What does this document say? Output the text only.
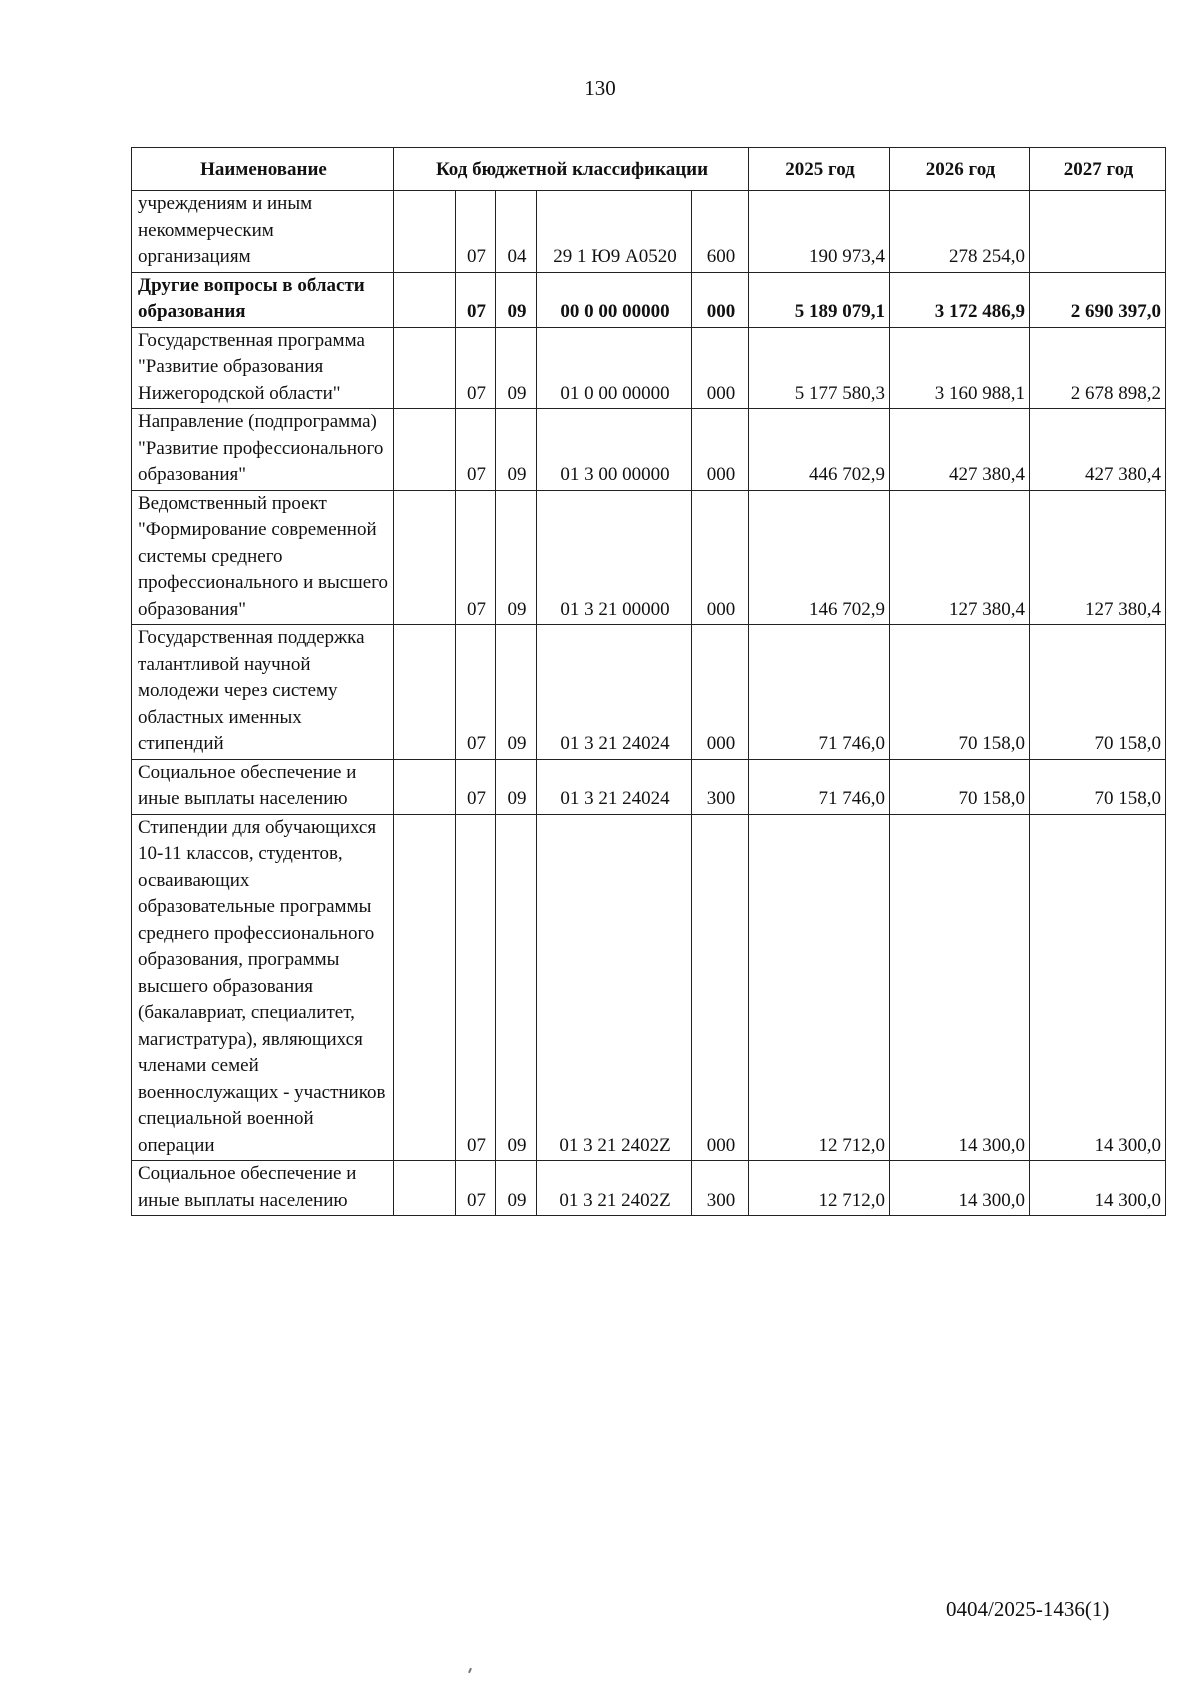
130
Наименование	Код бюджетной классификации					2025 год	2026 год	2027 год
учреждениям и иным некоммерческим организациям		07	04	29 1 Ю9 А0520	600	190 973,4	278 254,0	
Другие вопросы в области образования		07	09	00 0 00 00000	000	5 189 079,1	3 172 486,9	2 690 397,0
Государственная программа "Развитие образования Нижегородской области"		07	09	01 0 00 00000	000	5 177 580,3	3 160 988,1	2 678 898,2
Направление (подпрограмма) "Развитие профессионального образования"		07	09	01 3 00 00000	000	446 702,9	427 380,4	427 380,4
Ведомственный проект "Формирование современной системы среднего профессионального и высшего образования"		07	09	01 3 21 00000	000	146 702,9	127 380,4	127 380,4
Государственная поддержка талантливой научной молодежи через систему областных именных стипендий		07	09	01 3 21 24024	000	71 746,0	70 158,0	70 158,0
Социальное обеспечение и иные выплаты населению		07	09	01 3 21 24024	300	71 746,0	70 158,0	70 158,0
Стипендии для обучающихся 10-11 классов, студентов, осваивающих образовательные программы среднего профессионального образования, программы высшего образования (бакалавриат, специалитет, магистратура), являющихся членами семей военнослужащих - участников специальной военной операции		07	09	01 3 21 2402Z	000	12 712,0	14 300,0	14 300,0
Социальное обеспечение и иные выплаты населению		07	09	01 3 21 2402Z	300	12 712,0	14 300,0	14 300,0
0404/2025-1436(1)
